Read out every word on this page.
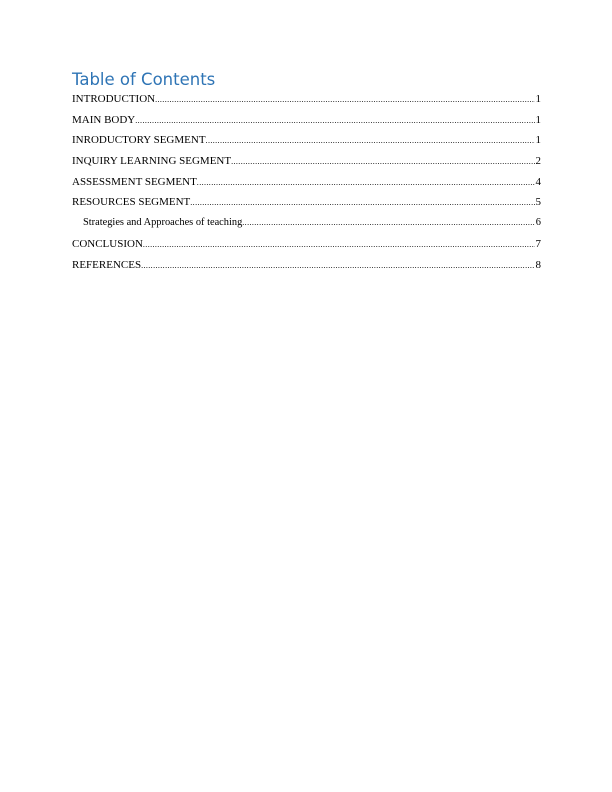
Table of Contents
INTRODUCTION .....	1
MAIN BODY .....	1
INRODUCTORY SEGMENT .....	1
INQUIRY LEARNING SEGMENT .....	2
ASSESSMENT SEGMENT .....	4
RESOURCES SEGMENT .....	5
Strategies and Approaches of teaching .....	6
CONCLUSION .....	7
REFERENCES .....	8
